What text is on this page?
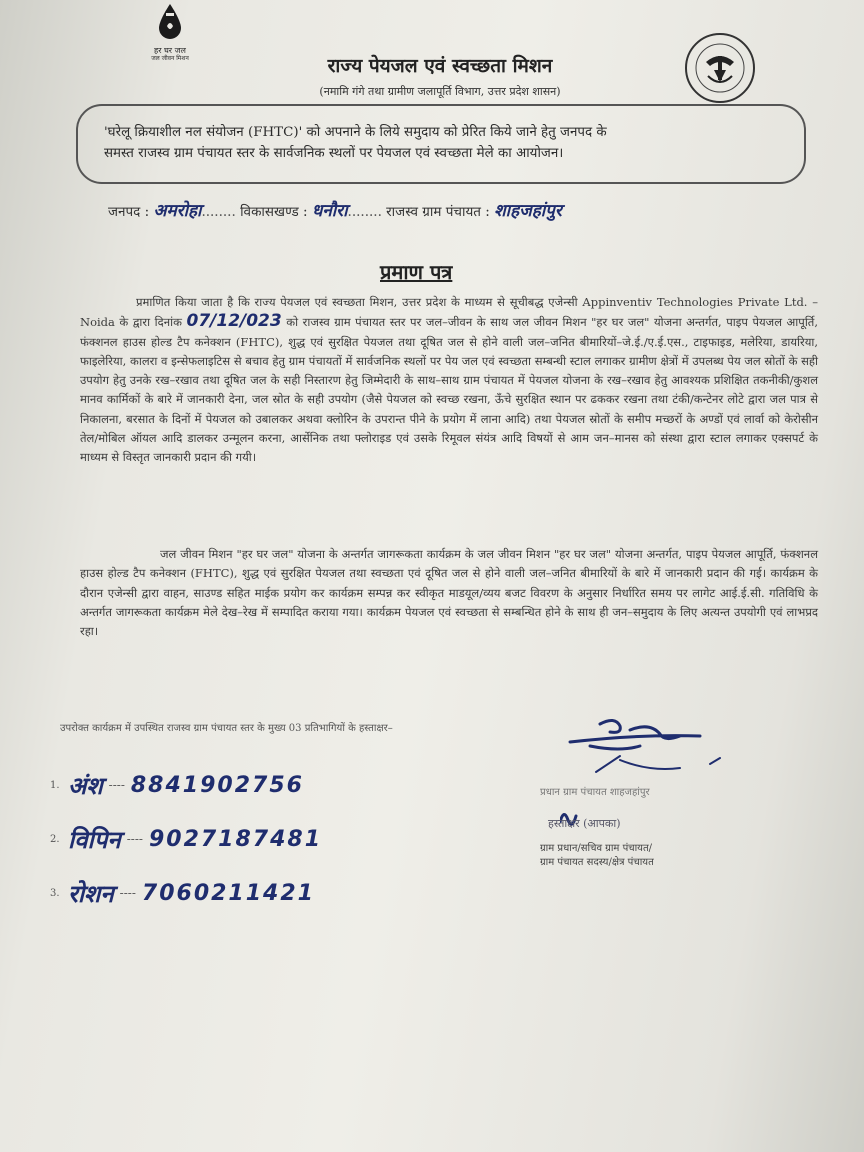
हर घर जल
जल जीवन मिशन	राज्य पेयजल एवं स्वच्छता मिशन
(नमामि गंगे तथा ग्रामीण जलापूर्ति विभाग, उत्तर प्रदेश शासन)
'घरेलू क्रियाशील नल संयोजन (FHTC)' को अपनाने के लिये समुदाय को प्रेरित किये जाने हेतु जनपद के
समस्त राजस्व ग्राम पंचायत स्तर के सार्वजनिक स्थलों पर पेयजल एवं स्वच्छता मेले का आयोजन।
जनपद : अमरोहा........ विकासखण्ड : धनौरा........ राजस्व ग्राम पंचायत : शाहजहांपुर
प्रमाण पत्र
प्रमाणित किया जाता है कि राज्य पेयजल एवं स्वच्छता मिशन, उत्तर प्रदेश के माध्यम से सूचीबद्ध एजेन्सी Appinventiv Technologies Private Ltd. – Noida के द्वारा दिनांक 07/12/023 को राजस्व ग्राम पंचायत स्तर पर जल–जीवन के साथ जल जीवन मिशन "हर घर जल" योजना अन्तर्गत, पाइप पेयजल आपूर्ति, फंक्शनल हाउस होल्ड टैप कनेक्शन (FHTC), शुद्ध एवं सुरक्षित पेयजल तथा दूषित जल से होने वाली जल–जनित बीमारियों–जे.ई./ए.ई.एस., टाइफाइड, मलेरिया, डायरिया, फाइलेरिया, कालरा व इन्सेफलाइटिस से बचाव हेतु ग्राम पंचायतों में सार्वजनिक स्थलों पर पेय जल एवं स्वच्छता सम्बन्धी स्टाल लगाकर ग्रामीण क्षेत्रों में उपलब्ध पेय जल स्रोतों के सही उपयोग हेतु उनके रख–रखाव तथा दूषित जल के सही निस्तारण हेतु जिम्मेदारी के साथ–साथ ग्राम पंचायत में पेयजल योजना के रख–रखाव हेतु आवश्यक प्रशिक्षित तकनीकी/कुशल मानव कार्मिकों के बारे में जानकारी देना, जल स्रोत के सही उपयोग (जैसे पेयजल को स्वच्छ रखना, ऊँचे सुरक्षित स्थान पर ढककर रखना तथा टंकी/कन्टेनर लोटे द्वारा जल पात्र से निकालना, बरसात के दिनों में पेयजल को उबालकर अथवा क्लोरिन के उपरान्त पीने के प्रयोग में लाना आदि) तथा पेयजल स्रोतों के समीप मच्छरों के अण्डों एवं लार्वा को केरोसीन तेल/मोबिल ऑयल आदि डालकर उन्मूलन करना, आर्सेनिक तथा फ्लोराइड एवं उसके रिमूवल संयंत्र आदि विषयों से आम जन–मानस को संस्था द्वारा स्टाल लगाकर एक्सपर्ट के माध्यम से विस्तृत जानकारी प्रदान की गयी।
जल जीवन मिशन "हर घर जल" योजना के अन्तर्गत जागरूकता कार्यक्रम के जल जीवन मिशन "हर घर जल" योजना अन्तर्गत, पाइप पेयजल आपूर्ति, फंक्शनल हाउस होल्ड टैप कनेक्शन (FHTC), शुद्ध एवं सुरक्षित पेयजल तथा स्वच्छता एवं दूषित जल से होने वाली जल–जनित बीमारियों के बारे में जानकारी प्रदान की गई। कार्यक्रम के दौरान एजेन्सी द्वारा वाहन, साउण्ड सहित माईक प्रयोग कर कार्यक्रम सम्पन्न कर स्वीकृत माडयूल/व्यय बजट विवरण के अनुसार निर्धारित समय पर लागेट आई.ई.सी. गतिविधि के अन्तर्गत जागरूकता कार्यक्रम मेले देख–रेख में सम्पादित कराया गया। कार्यक्रम पेयजल एवं स्वच्छता से सम्बन्धित होने के साथ ही जन–समुदाय के लिए अत्यन्त उपयोगी एवं लाभप्रद रहा।
उपरोक्त कार्यक्रम में उपस्थित राजस्व ग्राम पंचायत स्तर के मुख्य 03 प्रतिभागियों के हस्ताक्षर–
1. अंश ---- 8841902756
2. विपिन ---- 9027187481
3. रोशन ---- 7060211421
प्रधान ग्राम पंचायत शाहजहांपुर
हस्ताक्षर (आपका)
ग्राम प्रधान/सचिव ग्राम पंचायत/
ग्राम पंचायत सदस्य/क्षेत्र पंचायत
